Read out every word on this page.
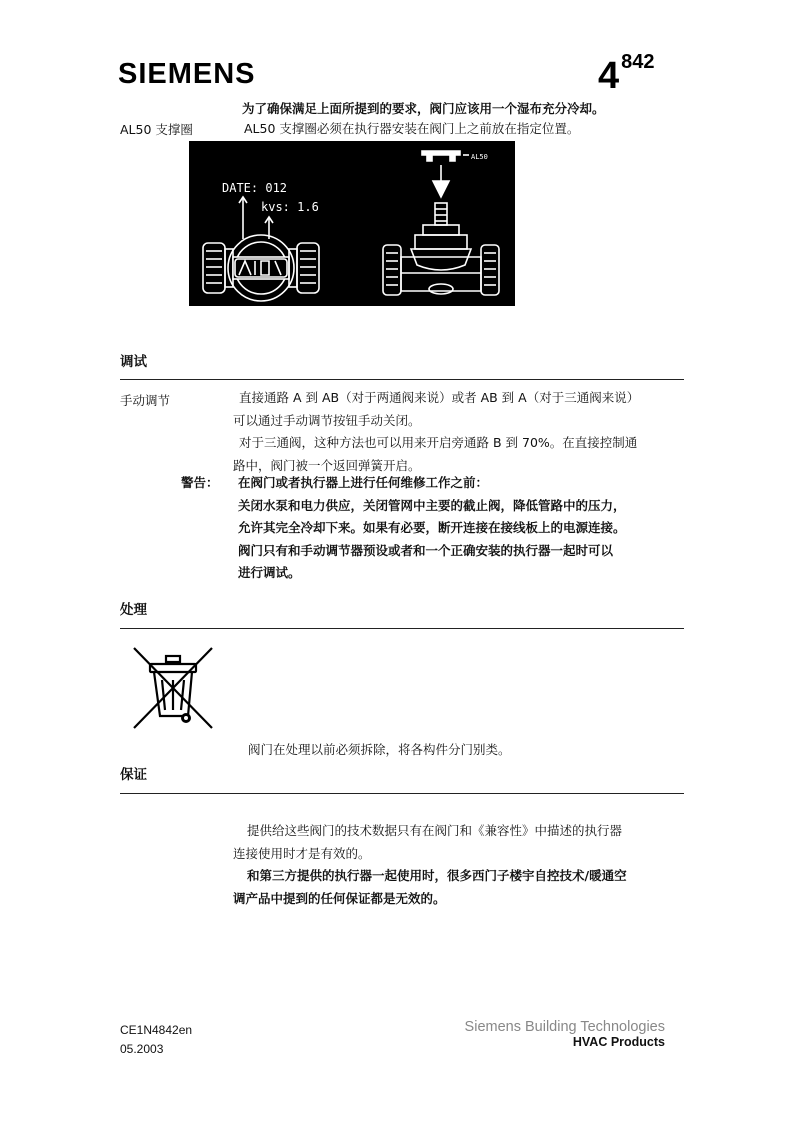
SIEMENS	4 $^{842}$
为了确保满足上面所提到的要求，阀门应该用一个湿布充分冷却。
AL50 支撑圈	AL50 支撑圈必须在执行器安装在阀门上之前放在指定位置。
DATE: 012
kvs: 1.6
AL50
调试
手动调节	直接通路 A 到 AB（对于两通阀来说）或者 AB 到 A（对于三通阀来说）
可以通过手动调节按钮手动关闭。
对于三通阀，这种方法也可以用来开启旁通路 B 到 70%。在直接控制通
路中，阀门被一个返回弹簧开启。
警告： 在阀门或者执行器上进行任何维修工作之前：
关闭水泵和电力供应，关闭管网中主要的截止阀，降低管路中的压力，
允许其完全冷却下来。如果有必要，断开连接在接线板上的电源连接。
阀门只有和手动调节器预设或者和一个正确安装的执行器一起时可以
进行调试。
处理
阀门在处理以前必须拆除，将各构件分门别类。
保证
提供给这些阀门的技术数据只有在阀门和《兼容性》中描述的执行器
连接使用时才是有效的。
和第三方提供的执行器一起使用时，很多西门子楼宇自控技术/暖通空
调产品中提到的任何保证都是无效的。
CE1N4842en
05.2003
Siemens Building Technologies
HVAC Products
